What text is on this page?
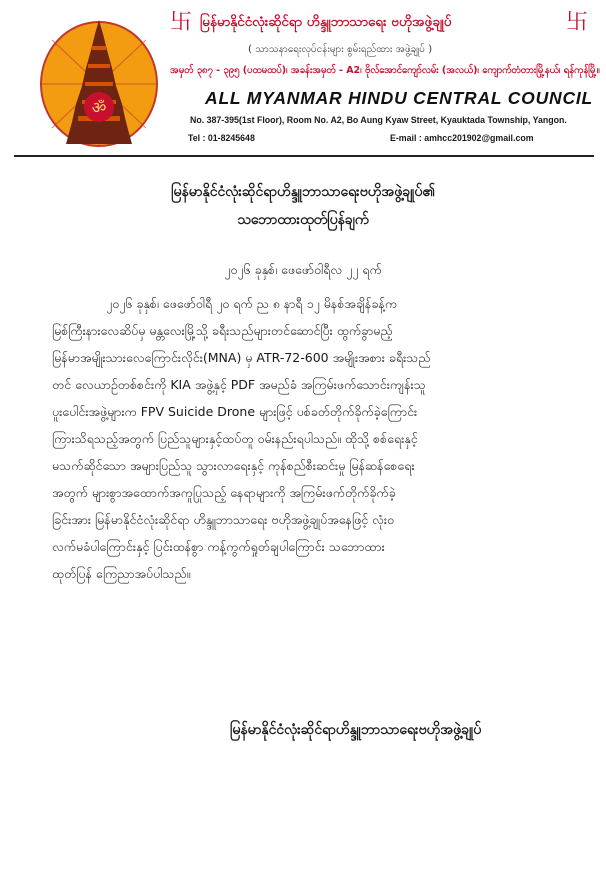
ॐ
卐 မြန်မာနိုင်ငံလုံးဆိုင်ရာ ဟိန္ဒူဘာသာရေး ဗဟိုအဖွဲ့ချုပ်	卐
( သာသနာရေးလုပ်ငန်းများ စွမ်းရည်ထား အဖွဲ့ချုပ် )
အမှတ် ၃၈၇ - ၃၉၅ (ပထမထပ်)၊ အခန်းအမှတ် - A2၊ ဗိုလ်အောင်ကျော်လမ်း (အလယ်)၊ ကျောက်တံတားမြို့နယ်၊ ရန်ကုန်မြို့။
ALL MYANMAR HINDU CENTRAL COUNCIL
No. 387-395(1st Floor), Room No. A2, Bo Aung Kyaw Street, Kyauktada Township, Yangon.
Tel : 01-8245648	E-mail : amhcc201902@gmail.com
မြန်မာနိုင်ငံလုံးဆိုင်ရာဟိန္ဒူဘာသာရေးဗဟိုအဖွဲ့ချုပ်၏
သဘောထားထုတ်ပြန်ချက်
၂၀၂၆ ခုနှစ်၊ ဖေဖော်ဝါရီလ ၂၂ ရက်
၂၀၂၆ ခုနှစ်၊ ဖေဖော်ဝါရီ ၂၀ ရက် ည ၈ နာရီ ၁၂ မိနစ်အချိန်ခန့်က
မြစ်ကြီးနားလေဆိပ်မှ မန္တလေးမြို့သို့ ခရီးသည်များတင်ဆောင်ပြီး ထွက်ခွာမည့်
မြန်မာအမျိုးသားလေကြောင်းလိုင်း(MNA) မှ ATR-72-600 အမျိုးအစား ခရီးသည်
တင် လေယာဉ်တစ်စင်းကို KIA အဖွဲ့နှင့် PDF အမည်ခံ အကြမ်းဖက်သောင်းကျန်းသူ
ပူးပေါင်းအဖွဲ့များက FPV Suicide Drone များဖြင့် ပစ်ခတ်တိုက်ခိုက်ခဲ့ကြောင်း
ကြားသိရသည့်အတွက် ပြည်သူများနှင့်ထပ်တူ ဝမ်းနည်းရပါသည်။ ထိုသို့ စစ်ရေးနှင့်
မသက်ဆိုင်သော အများပြည်သူ သွားလာရေးနှင့် ကုန်စည်စီးဆင်းမှု မြန်ဆန်စေရေး
အတွက် များစွာအထောက်အကူပြုသည့် နေရာများကို အကြမ်းဖက်တိုက်ခိုက်ခဲ့
ခြင်းအား မြန်မာနိုင်ငံလုံးဆိုင်ရာ ဟိန္ဒူဘာသာရေး ဗဟိုအဖွဲ့ချုပ်အနေဖြင့် လုံးဝ
လက်မခံပါကြောင်းနှင့် ပြင်းထန်စွာ ကန့်ကွက်ရှုတ်ချပါကြောင်း သဘောထား
ထုတ်ပြန် ကြေညာအပ်ပါသည်။
မြန်မာနိုင်ငံလုံးဆိုင်ရာဟိန္ဒူဘာသာရေးဗဟိုအဖွဲ့ချုပ်
